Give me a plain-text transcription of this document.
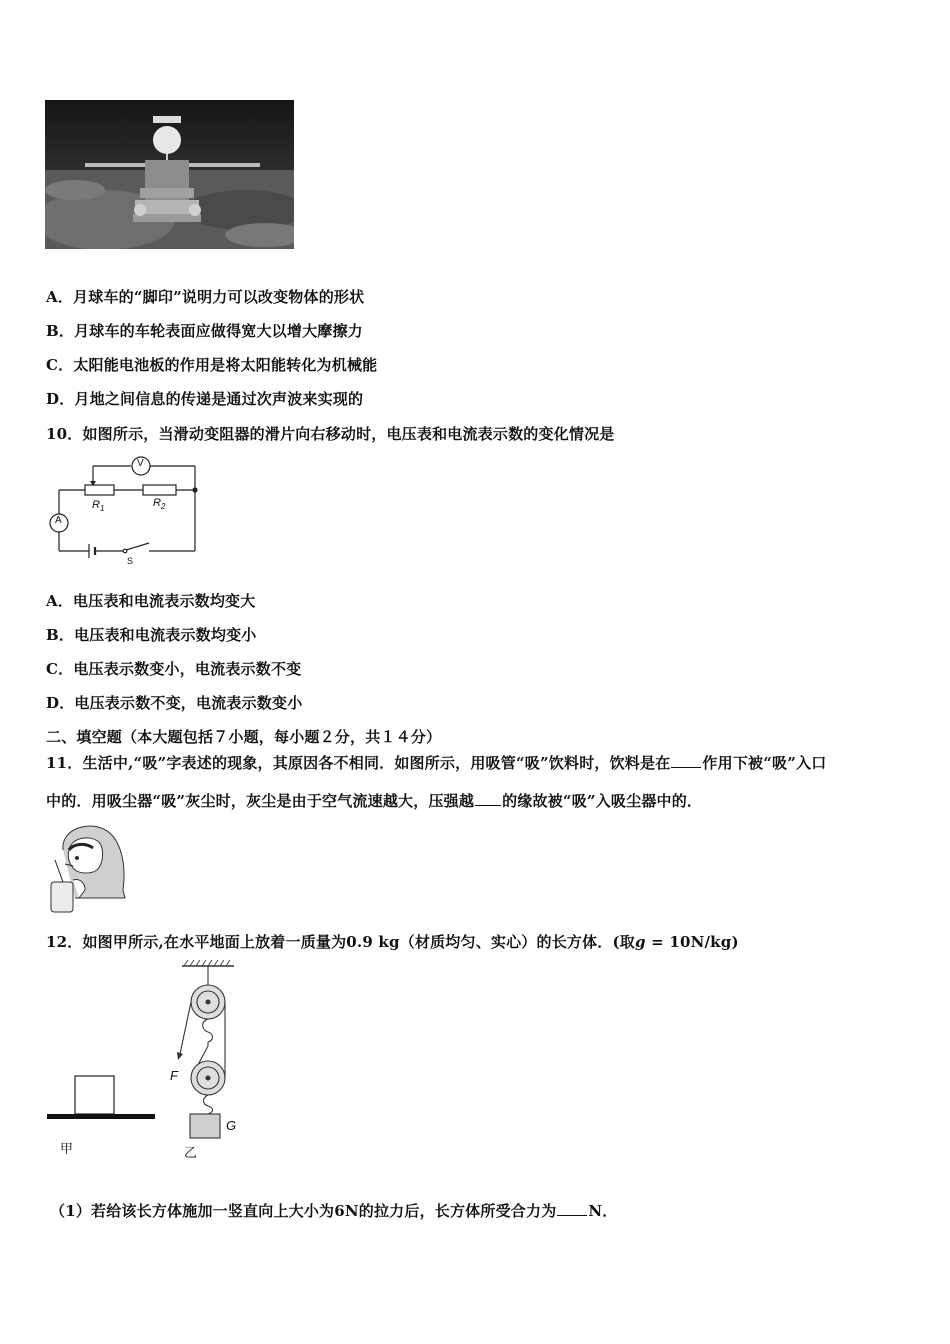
A．月球车的“脚印”说明力可以改变物体的形状
B．月球车的车轮表面应做得宽大以增大摩擦力
C．太阳能电池板的作用是将太阳能转化为机械能
D．月地之间信息的传递是通过次声波来实现的
10．如图所示，当滑动变阻器的滑片向右移动时，电压表和电流表示数的变化情况是
V
A
$R_1$	$R_2$
S
A．电压表和电流表示数均变大
B．电压表和电流表示数均变小
C．电压表示数变小，电流表示数不变
D．电压表示数不变，电流表示数变小
二、填空题（本大题包括７小题，每小题２分，共１４分）
11．生活中,“吸”字表述的现象，其原因各不相同．如图所示，用吸管“吸”饮料时，饮料是在 作用下被“吸”入口
中的．用吸尘器“吸”灰尘时，灰尘是由于空气流速越大，压强越 的缘故被“吸”入吸尘器中的．
12．如图甲所示,在水平地面上放着一质量为0.9 kg（材质均匀、实心）的长方体．(取g = 10N/kg)
甲
F
G
乙
（1）若给该长方体施加一竖直向上大小为6N的拉力后，长方体所受合力为 N．
